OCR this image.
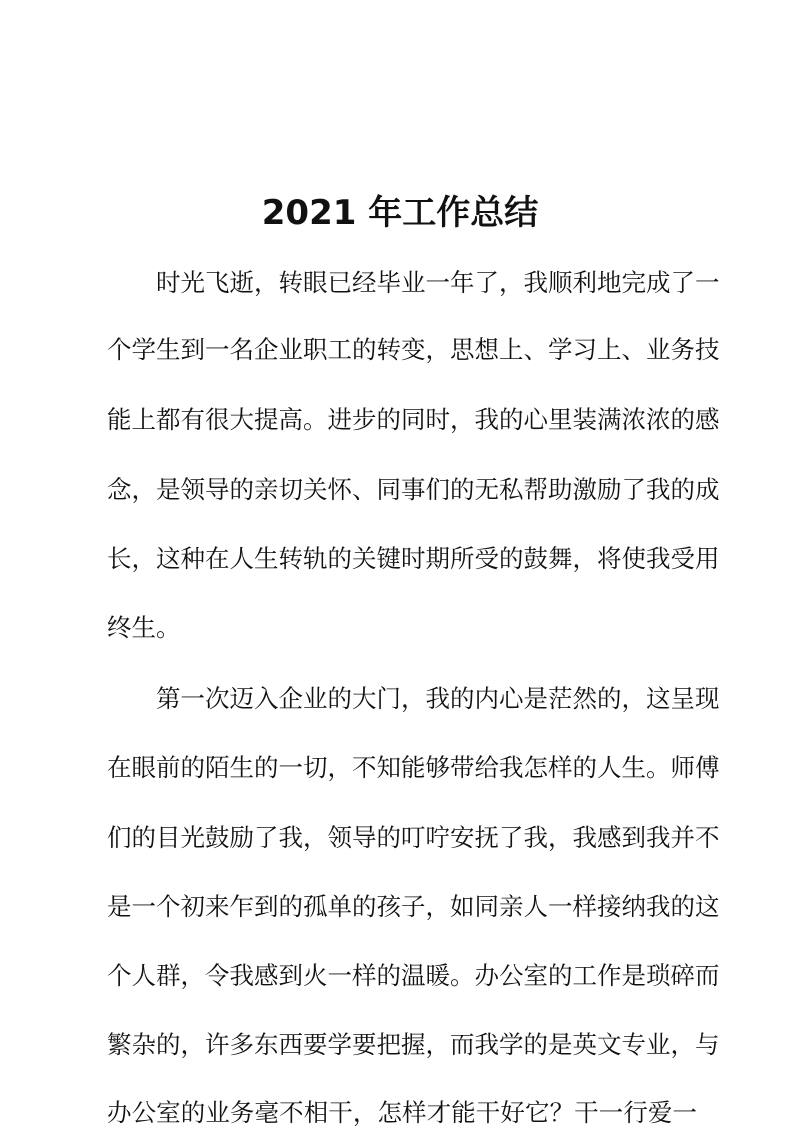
2021 年工作总结
时光飞逝，转眼已经毕业一年了，我顺利地完成了一
个学生到一名企业职工的转变，思想上、学习上、业务技
能上都有很大提高。进步的同时，我的心里装满浓浓的感
念，是领导的亲切关怀、同事们的无私帮助激励了我的成
长，这种在人生转轨的关键时期所受的鼓舞，将使我受用
终生。
第一次迈入企业的大门，我的内心是茫然的，这呈现
在眼前的陌生的一切，不知能够带给我怎样的人生。师傅
们的目光鼓励了我，领导的叮咛安抚了我，我感到我并不
是一个初来乍到的孤单的孩子，如同亲人一样接纳我的这
个人群，令我感到火一样的温暖。办公室的工作是琐碎而
繁杂的，许多东西要学要把握，而我学的是英文专业，与
办公室的业务毫不相干，怎样才能干好它？干一行爱一
